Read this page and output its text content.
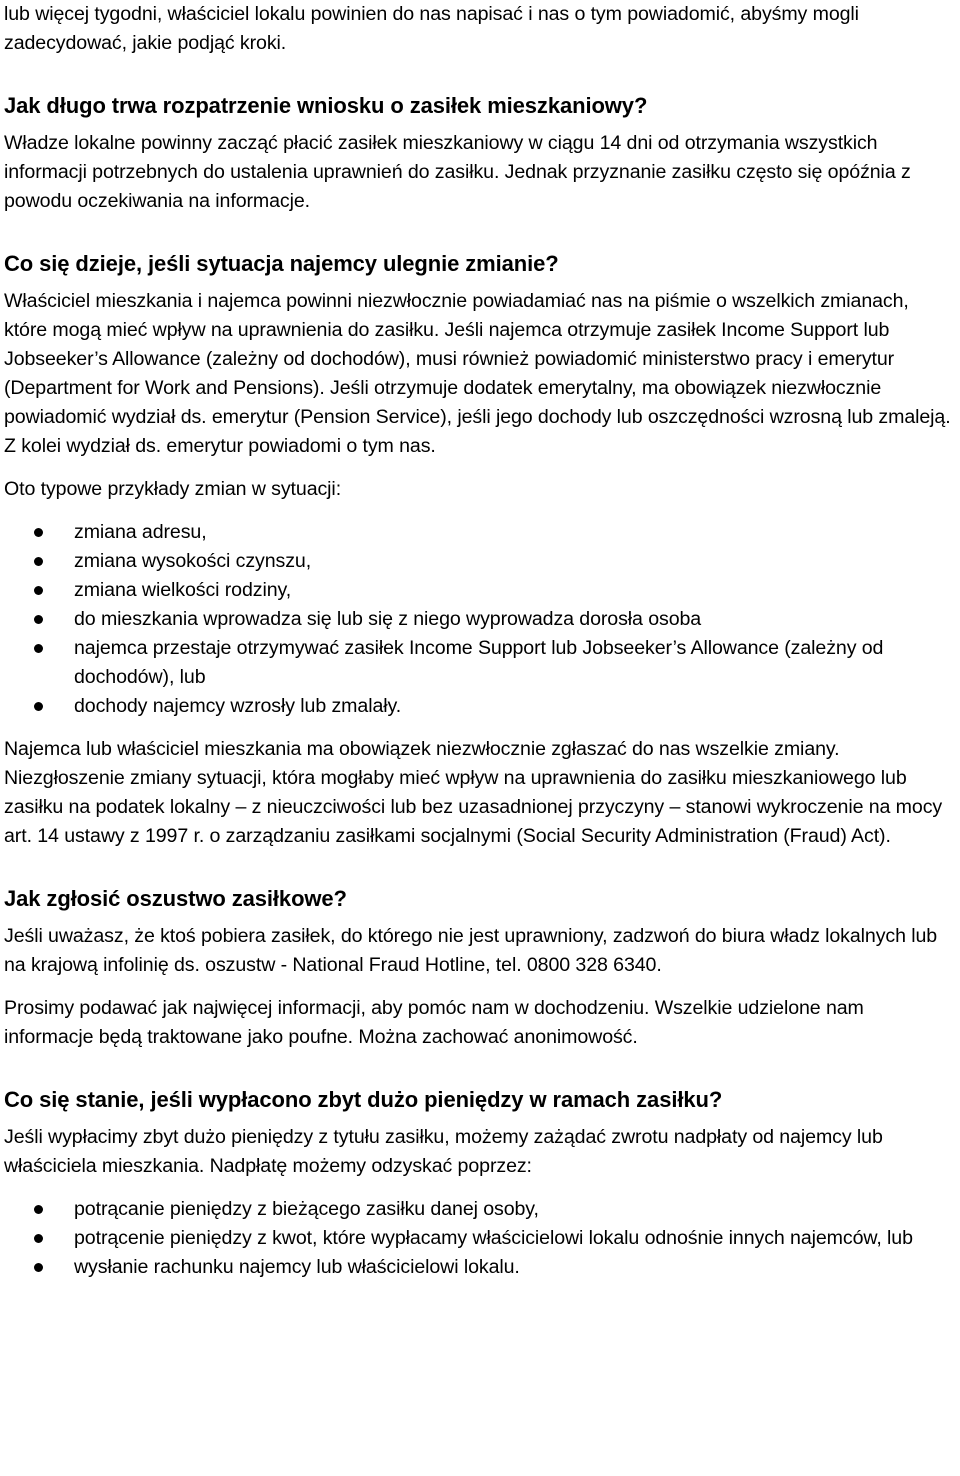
lub więcej tygodni, właściciel lokalu powinien do nas napisać i nas o tym powiadomić, abyśmy mogli zadecydować, jakie podjąć kroki.

Jak długo trwa rozpatrzenie wniosku o zasiłek mieszkaniowy?

Władze lokalne powinny zacząć płacić zasiłek mieszkaniowy w ciągu 14 dni od otrzymania wszystkich informacji potrzebnych do ustalenia uprawnień do zasiłku. Jednak przyznanie zasiłku często się opóźnia z powodu oczekiwania na informacje.

Co się dzieje, jeśli sytuacja najemcy ulegnie zmianie?

Właściciel mieszkania i najemca powinni niezwłocznie powiadamiać nas na piśmie o wszelkich zmianach, które mogą mieć wpływ na uprawnienia do zasiłku. Jeśli najemca otrzymuje zasiłek Income Support lub Jobseeker’s Allowance (zależny od dochodów), musi również powiadomić ministerstwo pracy i emerytur (Department for Work and Pensions). Jeśli otrzymuje dodatek emerytalny, ma obowiązek niezwłocznie powiadomić wydział ds. emerytur (Pension Service), jeśli jego dochody lub oszczędności wzrosną lub zmaleją. Z kolei wydział ds. emerytur powiadomi o tym nas.

Oto typowe przykłady zmian w sytuacji:

zmiana adresu,
zmiana wysokości czynszu,
zmiana wielkości rodziny,
do mieszkania wprowadza się lub się z niego wyprowadza dorosła osoba
najemca przestaje otrzymywać zasiłek Income Support lub Jobseeker’s Allowance (zależny od dochodów), lub
dochody najemcy wzrosły lub zmalały.

Najemca lub właściciel mieszkania ma obowiązek niezwłocznie zgłaszać do nas wszelkie zmiany. Niezgłoszenie zmiany sytuacji, która mogłaby mieć wpływ na uprawnienia do zasiłku mieszkaniowego lub zasiłku na podatek lokalny – z nieuczciwości lub bez uzasadnionej przyczyny – stanowi wykroczenie na mocy art. 14 ustawy z 1997 r. o zarządzaniu zasiłkami socjalnymi (Social Security Administration (Fraud) Act).

Jak zgłosić oszustwo zasiłkowe?

Jeśli uważasz, że ktoś pobiera zasiłek, do którego nie jest uprawniony, zadzwoń do biura władz lokalnych lub na krajową infolinię ds. oszustw - National Fraud Hotline, tel. 0800 328 6340.

Prosimy podawać jak najwięcej informacji, aby pomóc nam w dochodzeniu. Wszelkie udzielone nam informacje będą traktowane jako poufne. Można zachować anonimowość.

Co się stanie, jeśli wypłacono zbyt dużo pieniędzy w ramach zasiłku?

Jeśli wypłacimy zbyt dużo pieniędzy z tytułu zasiłku, możemy zażądać zwrotu nadpłaty od najemcy lub właściciela mieszkania. Nadpłatę możemy odzyskać poprzez:

potrącanie pieniędzy z bieżącego zasiłku danej osoby,
potrącenie pieniędzy z kwot, które wypłacamy właścicielowi lokalu odnośnie innych najemców, lub
wysłanie rachunku najemcy lub właścicielowi lokalu.
